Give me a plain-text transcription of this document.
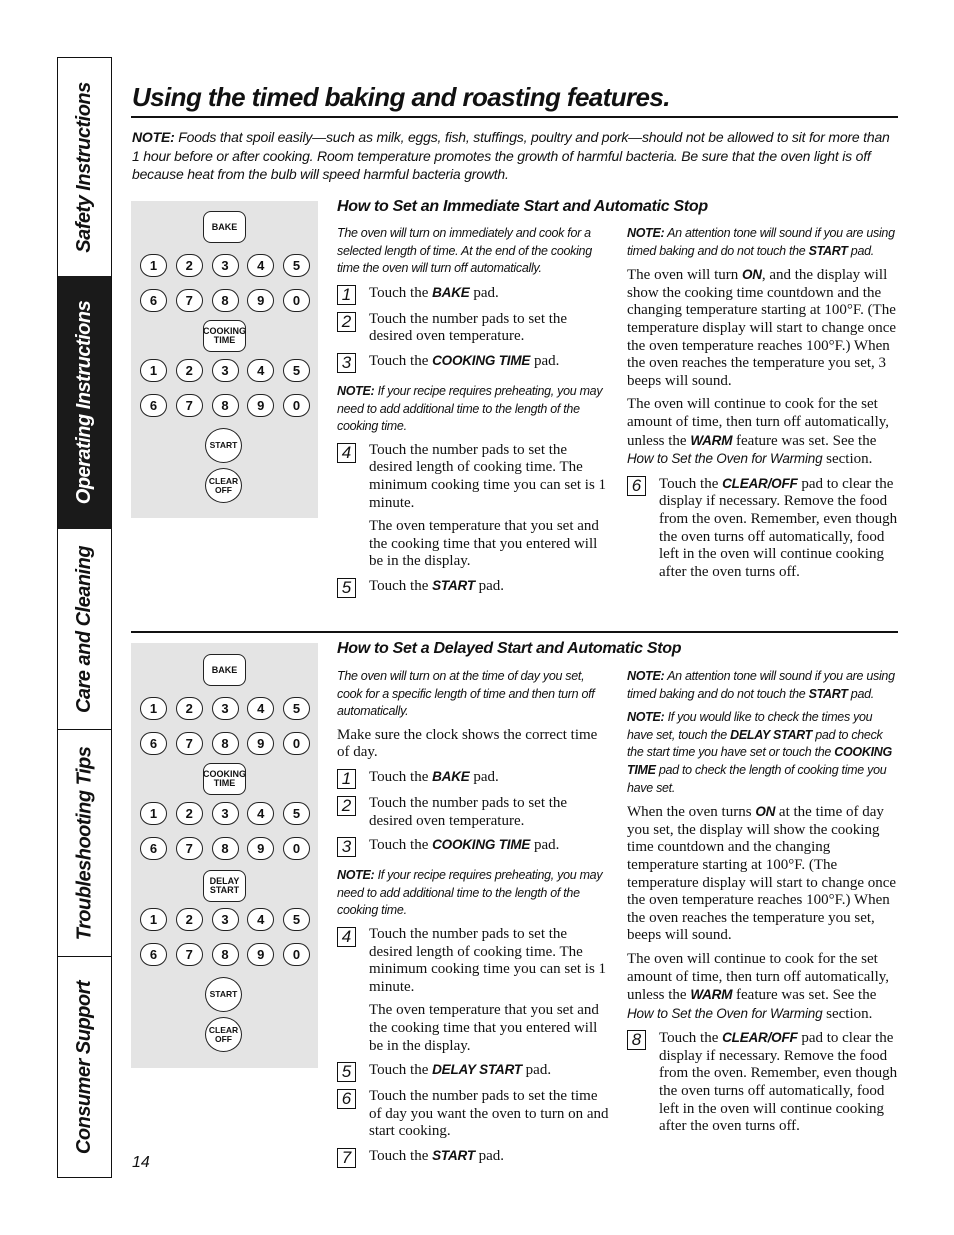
Safety Instructions
Operating Instructions
Care and Cleaning
Troubleshooting Tips
Consumer Support
Using the timed baking and roasting features.

NOTE: Foods that spoil easily—such as milk, eggs, fish, stuffings, poultry and pork—should not be allowed to sit for more than 1 hour before or after cooking. Room temperature promotes the growth of harmful bacteria. Be sure that the oven light is off because heat from the bulb will speed harmful bacteria growth.

BAKE
1	2	3	4	5
6	7	8	9	0
COOKING
TIME
1	2	3	4	5
6	7	8	9	0
START
CLEAR
OFF
How to Set an Immediate Start and Automatic Stop

The oven will turn on immediately and cook for a selected length of time. At the end of the cooking time the oven will turn off automatically.

1	Touch the BAKE pad.
2	Touch the number pads to set the desired oven temperature.
3	Touch the COOKING TIME pad.

NOTE: If your recipe requires preheating, you may need to add additional time to the length of the cooking time.

4	Touch the number pads to set the desired length of cooking time. The minimum cooking time you can set is 1 minute.

The oven temperature that you set and the cooking time that you entered will be in the display.

5	Touch the START pad.

NOTE: An attention tone will sound if you are using timed baking and do not touch the START pad.

The oven will turn ON, and the display will show the cooking time countdown and the changing temperature starting at 100°F. (The temperature display will start to change once the oven temperature reaches 100°F.) When the oven reaches the temperature you set, 3 beeps will sound.

The oven will continue to cook for the set amount of time, then turn off automatically, unless the WARM feature was set. See the How to Set the Oven for Warming section.

6	Touch the CLEAR/OFF pad to clear the display if necessary. Remove the food from the oven. Remember, even though the oven turns off automatically, food left in the oven will continue cooking after the oven turns off.
BAKE
1	2	3	4	5
6	7	8	9	0
COOKING
TIME
1	2	3	4	5
6	7	8	9	0
DELAY
START
1	2	3	4	5
6	7	8	9	0
START
CLEAR
OFF
How to Set a Delayed Start and Automatic Stop

The oven will turn on at the time of day you set, cook for a specific length of time and then turn off automatically.

Make sure the clock shows the correct time of day.

1	Touch the BAKE pad.
2	Touch the number pads to set the desired oven temperature.
3	Touch the COOKING TIME pad.

NOTE: If your recipe requires preheating, you may need to add additional time to the length of the cooking time.

4	Touch the number pads to set the desired length of cooking time. The minimum cooking time you can set is 1 minute.

The oven temperature that you set and the cooking time that you entered will be in the display.

5	Touch the DELAY START pad.
6	Touch the number pads to set the time of day you want the oven to turn on and start cooking.
7	Touch the START pad.

NOTE: An attention tone will sound if you are using timed baking and do not touch the START pad.

NOTE: If you would like to check the times you have set, touch the DELAY START pad to check the start time you have set or touch the COOKING TIME pad to check the length of cooking time you have set.

When the oven turns ON at the time of day you set, the display will show the cooking time countdown and the changing temperature starting at 100°F. (The temperature display will start to change once the oven temperature reaches 100°F.) When the oven reaches the temperature you set, beeps will sound.

The oven will continue to cook for the set amount of time, then turn off automatically, unless the WARM feature was set. See the How to Set the Oven for Warming section.

8	Touch the CLEAR/OFF pad to clear the display if necessary. Remove the food from the oven. Remember, even though the oven turns off automatically, food left in the oven will continue cooking after the oven turns off.
14
